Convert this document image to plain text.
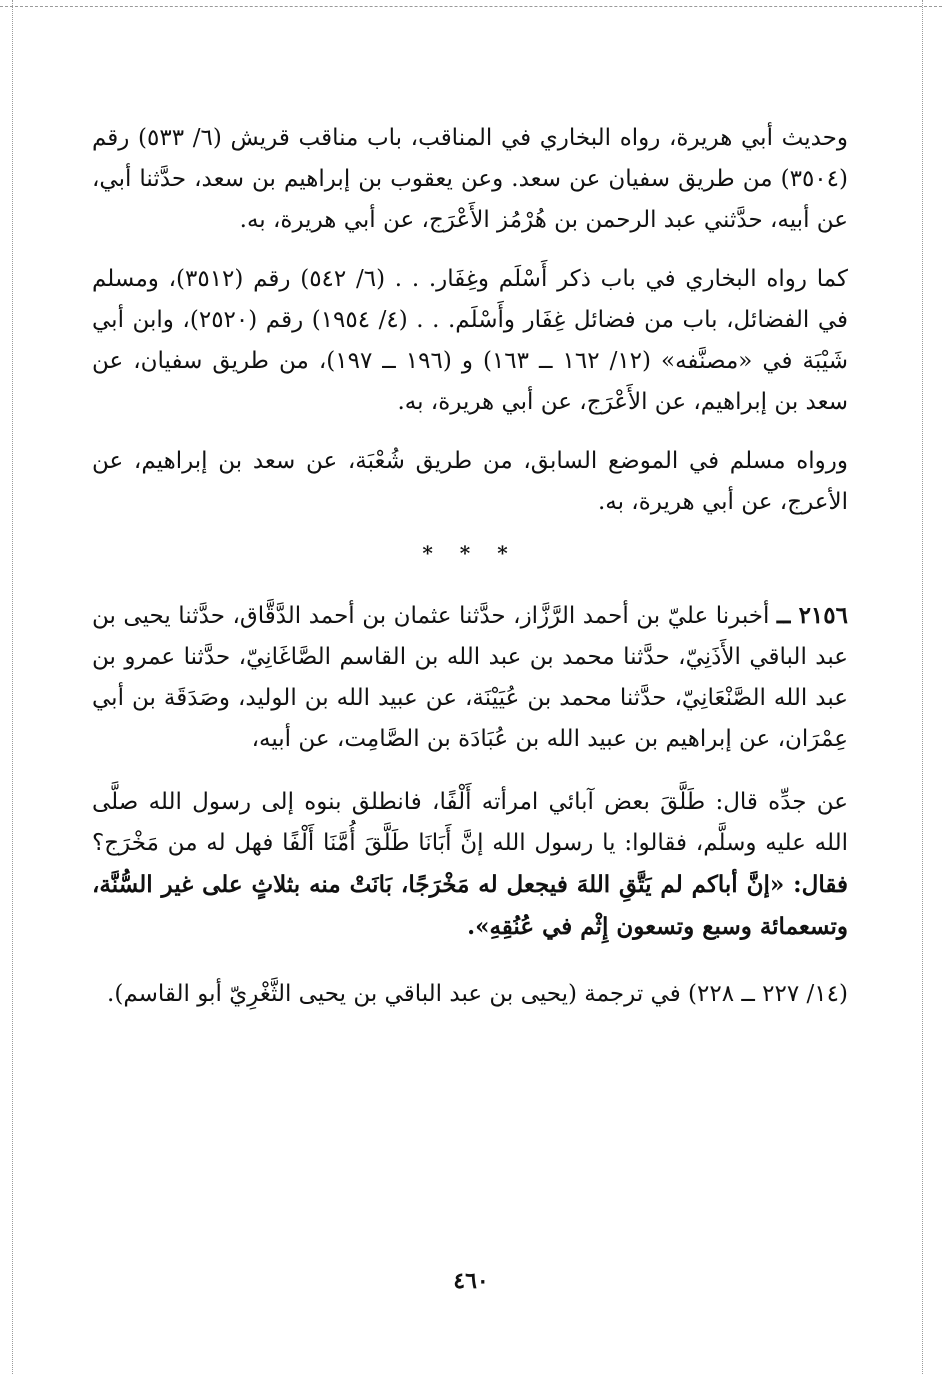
وحديث أبي هريرة، رواه البخاري في المناقب، باب مناقب قريش (٦/ ٥٣٣) رقم (٣٥٠٤) من طريق سفيان عن سعد. وعن يعقوب بن إبراهيم بن سعد، حدَّثنا أبي، عن أبيه، حدَّثني عبد الرحمن بن هُرْمُز الأَعْرَج، عن أبي هريرة، به.

كما رواه البخاري في باب ذكر أَسْلَم وغِفَار. . . (٦/ ٥٤٢) رقم (٣٥١٢)، ومسلم في الفضائل، باب من فضائل غِفَار وأَسْلَم. . . (٤/ ١٩٥٤) رقم (٢٥٢٠)، وابن أبي شَيْبَة في «مصنَّفه» (١٢/ ١٦٢ ــ ١٦٣) و (١٩٦ ــ ١٩٧)، من طريق سفيان، عن سعد بن إبراهيم، عن الأَعْرَج، عن أبي هريرة، به.

ورواه مسلم في الموضع السابق، من طريق شُعْبَة، عن سعد بن إبراهيم، عن الأعرج، عن أبي هريرة، به.

* * *

٢١٥٦ ــ أخبرنا عليّ بن أحمد الرَّزَّاز، حدَّثنا عثمان بن أحمد الدَّقَّاق، حدَّثنا يحيى بن عبد الباقي الأَذَنِيّ، حدَّثنا محمد بن عبد الله بن القاسم الصَّاغَانِيّ، حدَّثنا عمرو بن عبد الله الصَّنْعَانِيّ، حدَّثنا محمد بن عُيَيْنَة، عن عبيد الله بن الوليد، وصَدَقَة بن أبي عِمْرَان، عن إبراهيم بن عبيد الله بن عُبَادَة بن الصَّامِت، عن أبيه،

عن جدِّه قال: طَلَّقَ بعض آبائي امرأته أَلْفًا، فانطلق بنوه إلى رسول الله صلَّى الله عليه وسلَّم، فقالوا: يا رسول الله إنَّ أَبَانَا طَلَّقَ أُمَّنَا أَلْفًا فهل له من مَخْرَج؟ فقال: «إنَّ أباكم لم يَتَّقِ اللهَ فيجعل له مَخْرَجًا، بَانَتْ منه بثلاثٍ على غير السُّنَّة، وتسعمائة وسبع وتسعون إِثْم في عُنُقِهِ».

(١٤/ ٢٢٧ ــ ٢٢٨) في ترجمة (يحيى بن عبد الباقي بن يحيى الثَّغْرِيّ أبو القاسم).

٤٦٠
